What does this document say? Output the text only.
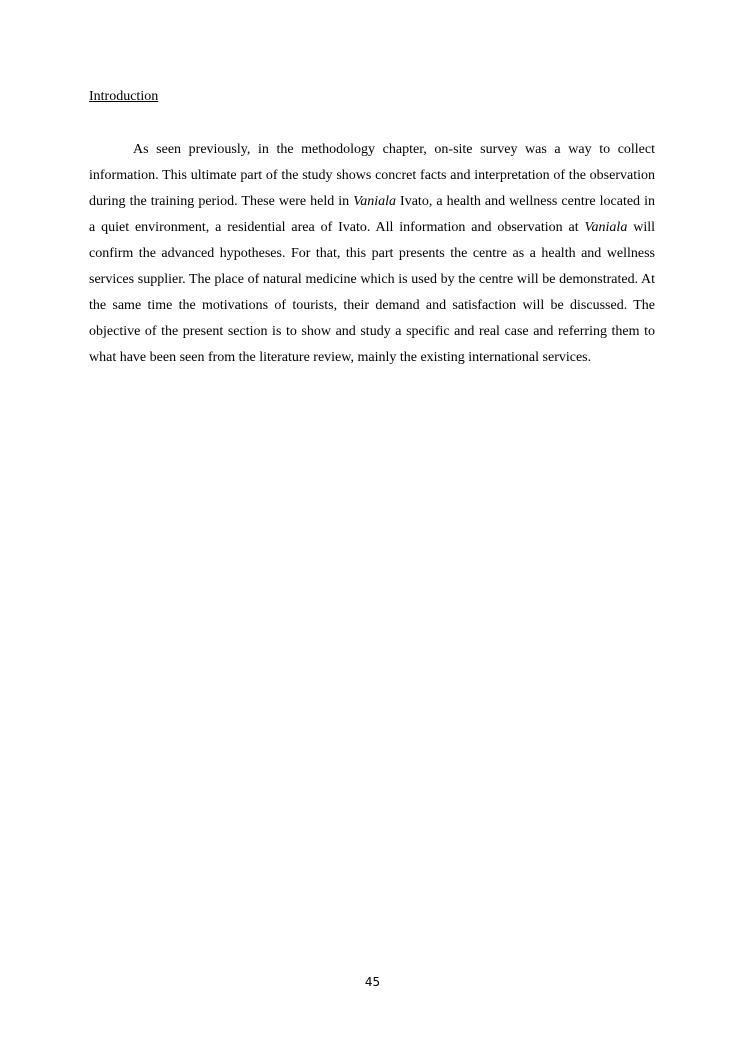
Introduction

As seen previously, in the methodology chapter, on-site survey was a way to collect information. This ultimate part of the study shows concret facts and interpretation of the observation during the training period. These were held in Vaniala Ivato, a health and wellness centre located in a quiet environment, a residential area of Ivato. All information and observation at Vaniala will confirm the advanced hypotheses. For that, this part presents the centre as a health and wellness services supplier. The place of natural medicine which is used by the centre will be demonstrated. At the same time the motivations of tourists, their demand and satisfaction will be discussed. The objective of the present section is to show and study a specific and real case and referring them to what have been seen from the literature review, mainly the existing international services.

45
